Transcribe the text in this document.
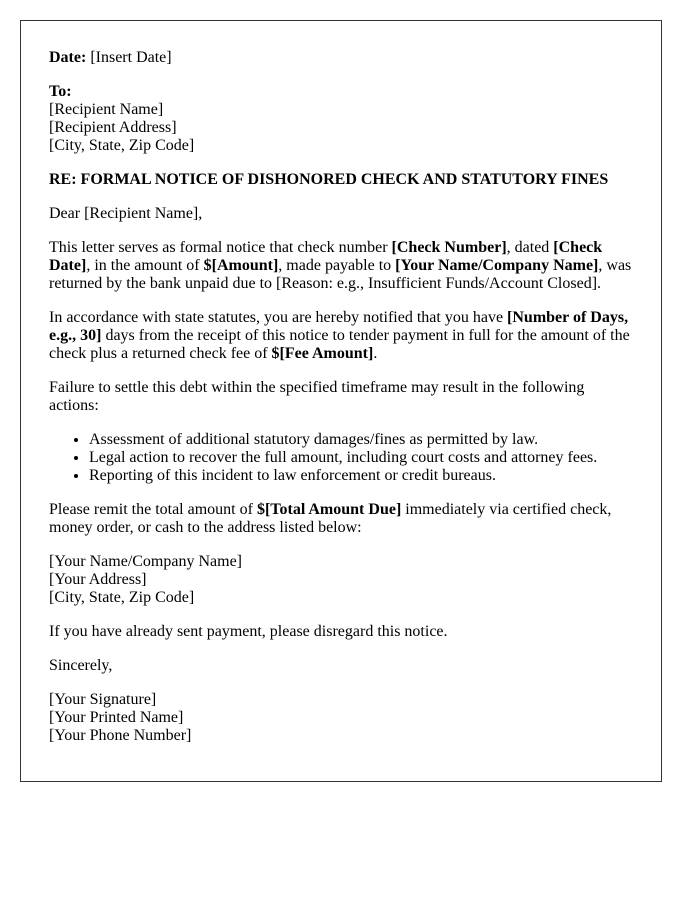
Date: [Insert Date]

To:
[Recipient Name]
[Recipient Address]
[City, State, Zip Code]

RE: FORMAL NOTICE OF DISHONORED CHECK AND STATUTORY FINES

Dear [Recipient Name],

This letter serves as formal notice that check number [Check Number], dated [Check Date], in the amount of $[Amount], made payable to [Your Name/Company Name], was returned by the bank unpaid due to [Reason: e.g., Insufficient Funds/Account Closed].

In accordance with state statutes, you are hereby notified that you have [Number of Days, e.g., 30] days from the receipt of this notice to tender payment in full for the amount of the check plus a returned check fee of $[Fee Amount].

Failure to settle this debt within the specified timeframe may result in the following actions:

• Assessment of additional statutory damages/fines as permitted by law.
• Legal action to recover the full amount, including court costs and attorney fees.
• Reporting of this incident to law enforcement or credit bureaus.

Please remit the total amount of $[Total Amount Due] immediately via certified check, money order, or cash to the address listed below:

[Your Name/Company Name]
[Your Address]
[City, State, Zip Code]

If you have already sent payment, please disregard this notice.

Sincerely,

[Your Signature]
[Your Printed Name]
[Your Phone Number]
